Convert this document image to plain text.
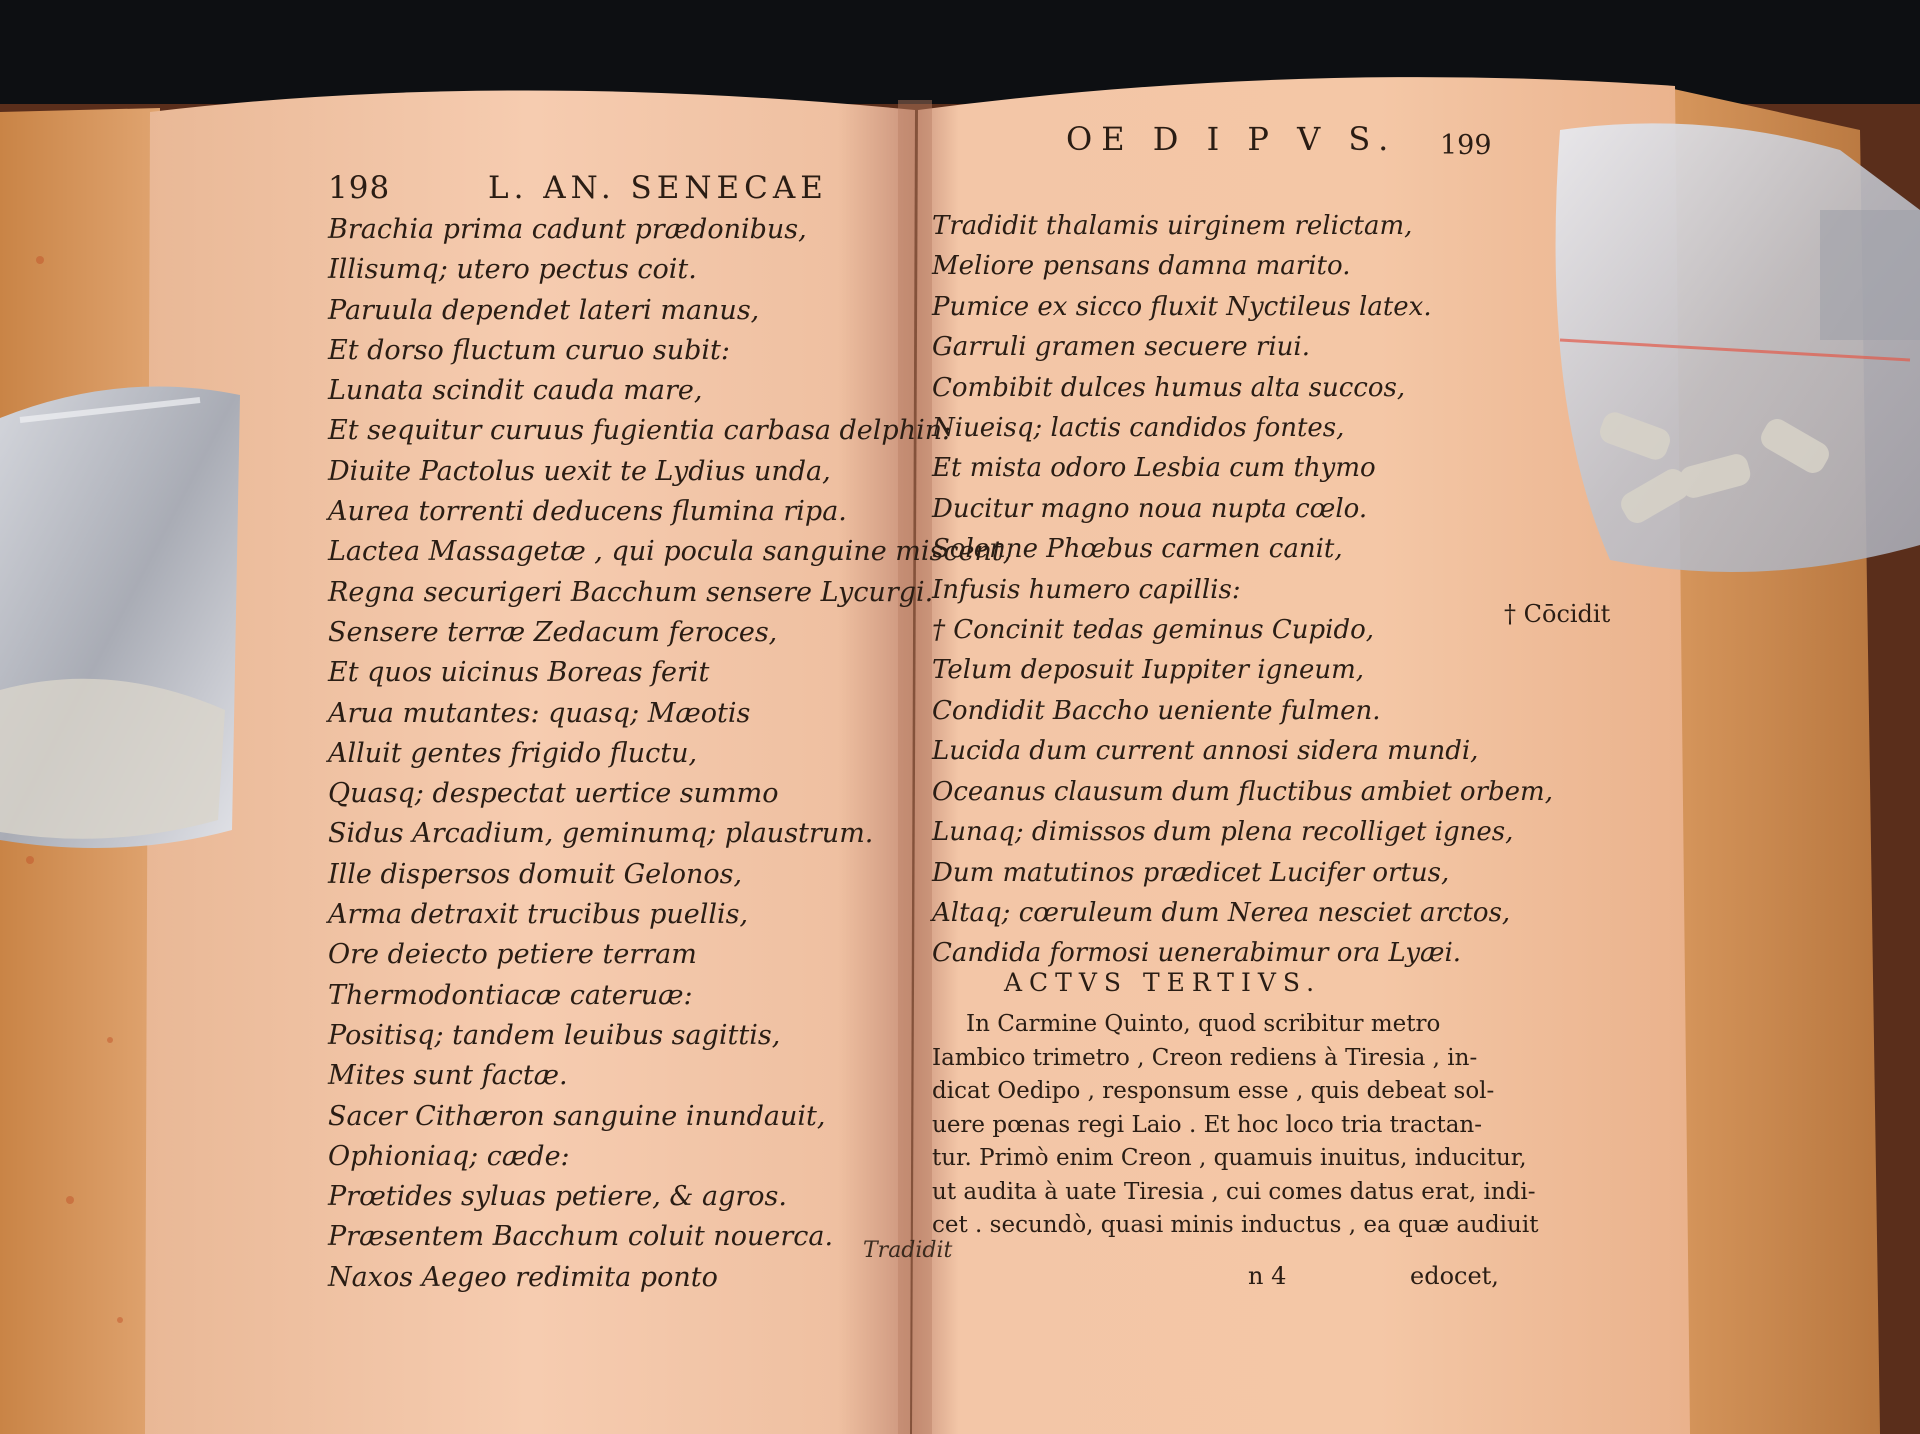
198	L. AN. SENECAE
Brachia prima cadunt prædonibus,
Illisumq; utero pectus coit.
Paruula dependet lateri manus,
Et dorso fluctum curuo subit:
Lunata scindit cauda mare,
Et sequitur curuus fugientia carbasa delphin:
Diuite Pactolus uexit te Lydius unda,
Aurea torrenti deducens flumina ripa.
Lactea Massagetæ , qui pocula sanguine miscent,
Regna securigeri Bacchum sensere Lycurgi.
Sensere terræ Zedacum feroces,
Et quos uicinus Boreas ferit
Arua mutantes: quasq; Mæotis
Alluit gentes frigido fluctu,
Quasq; despectat uertice summo
Sidus Arcadium, geminumq; plaustrum.
Ille dispersos domuit Gelonos,
Arma detraxit trucibus puellis,
Ore deiecto petiere terram
Thermodontiacæ cateruæ:
Positisq; tandem leuibus sagittis,
Mites sunt factæ.
Sacer Cithæron sanguine inundauit,
Ophioniaq; cæde:
Prœtides syluas petiere, & agros.
Præsentem Bacchum coluit nouerca.
Naxos Aegeo redimita ponto
Tradidit
OE D I P V S. 199
Tradidit thalamis uirginem relictam,
Meliore pensans damna marito.
Pumice ex sicco fluxit Nyctileus latex.
Garruli gramen secuere riui.
Combibit dulces humus alta succos,
Niueisq; lactis candidos fontes,
Et mista odoro Lesbia cum thymo
Ducitur magno noua nupta cœlo.
Solenne Phœbus carmen canit,
Infusis humero capillis:
† Concinit tedas geminus Cupido,
Telum deposuit Iuppiter igneum,
Condidit Baccho ueniente fulmen.
Lucida dum current annosi sidera mundi,
Oceanus clausum dum fluctibus ambiet orbem,
Lunaq; dimissos dum plena recolliget ignes,
Dum matutinos prædicet Lucifer ortus,
Altaq; cœruleum dum Nerea nesciet arctos,
Candida formosi uenerabimur ora Lyæi.
† Cōcidit
ACTVS TERTIVS.
In Carmine Quinto, quod scribitur metro
Iambico trimetro , Creon rediens à Tiresia , in-
dicat Oedipo , responsum esse , quis debeat sol-
uere pœnas regi Laio . Et hoc loco tria tractan-
tur. Primò enim Creon , quamuis inuitus, inducitur,
ut audita à uate Tiresia , cui comes datus erat, indi-
cet . secundò, quasi minis inductus , ea quæ audiuit
n 4	edocet,
